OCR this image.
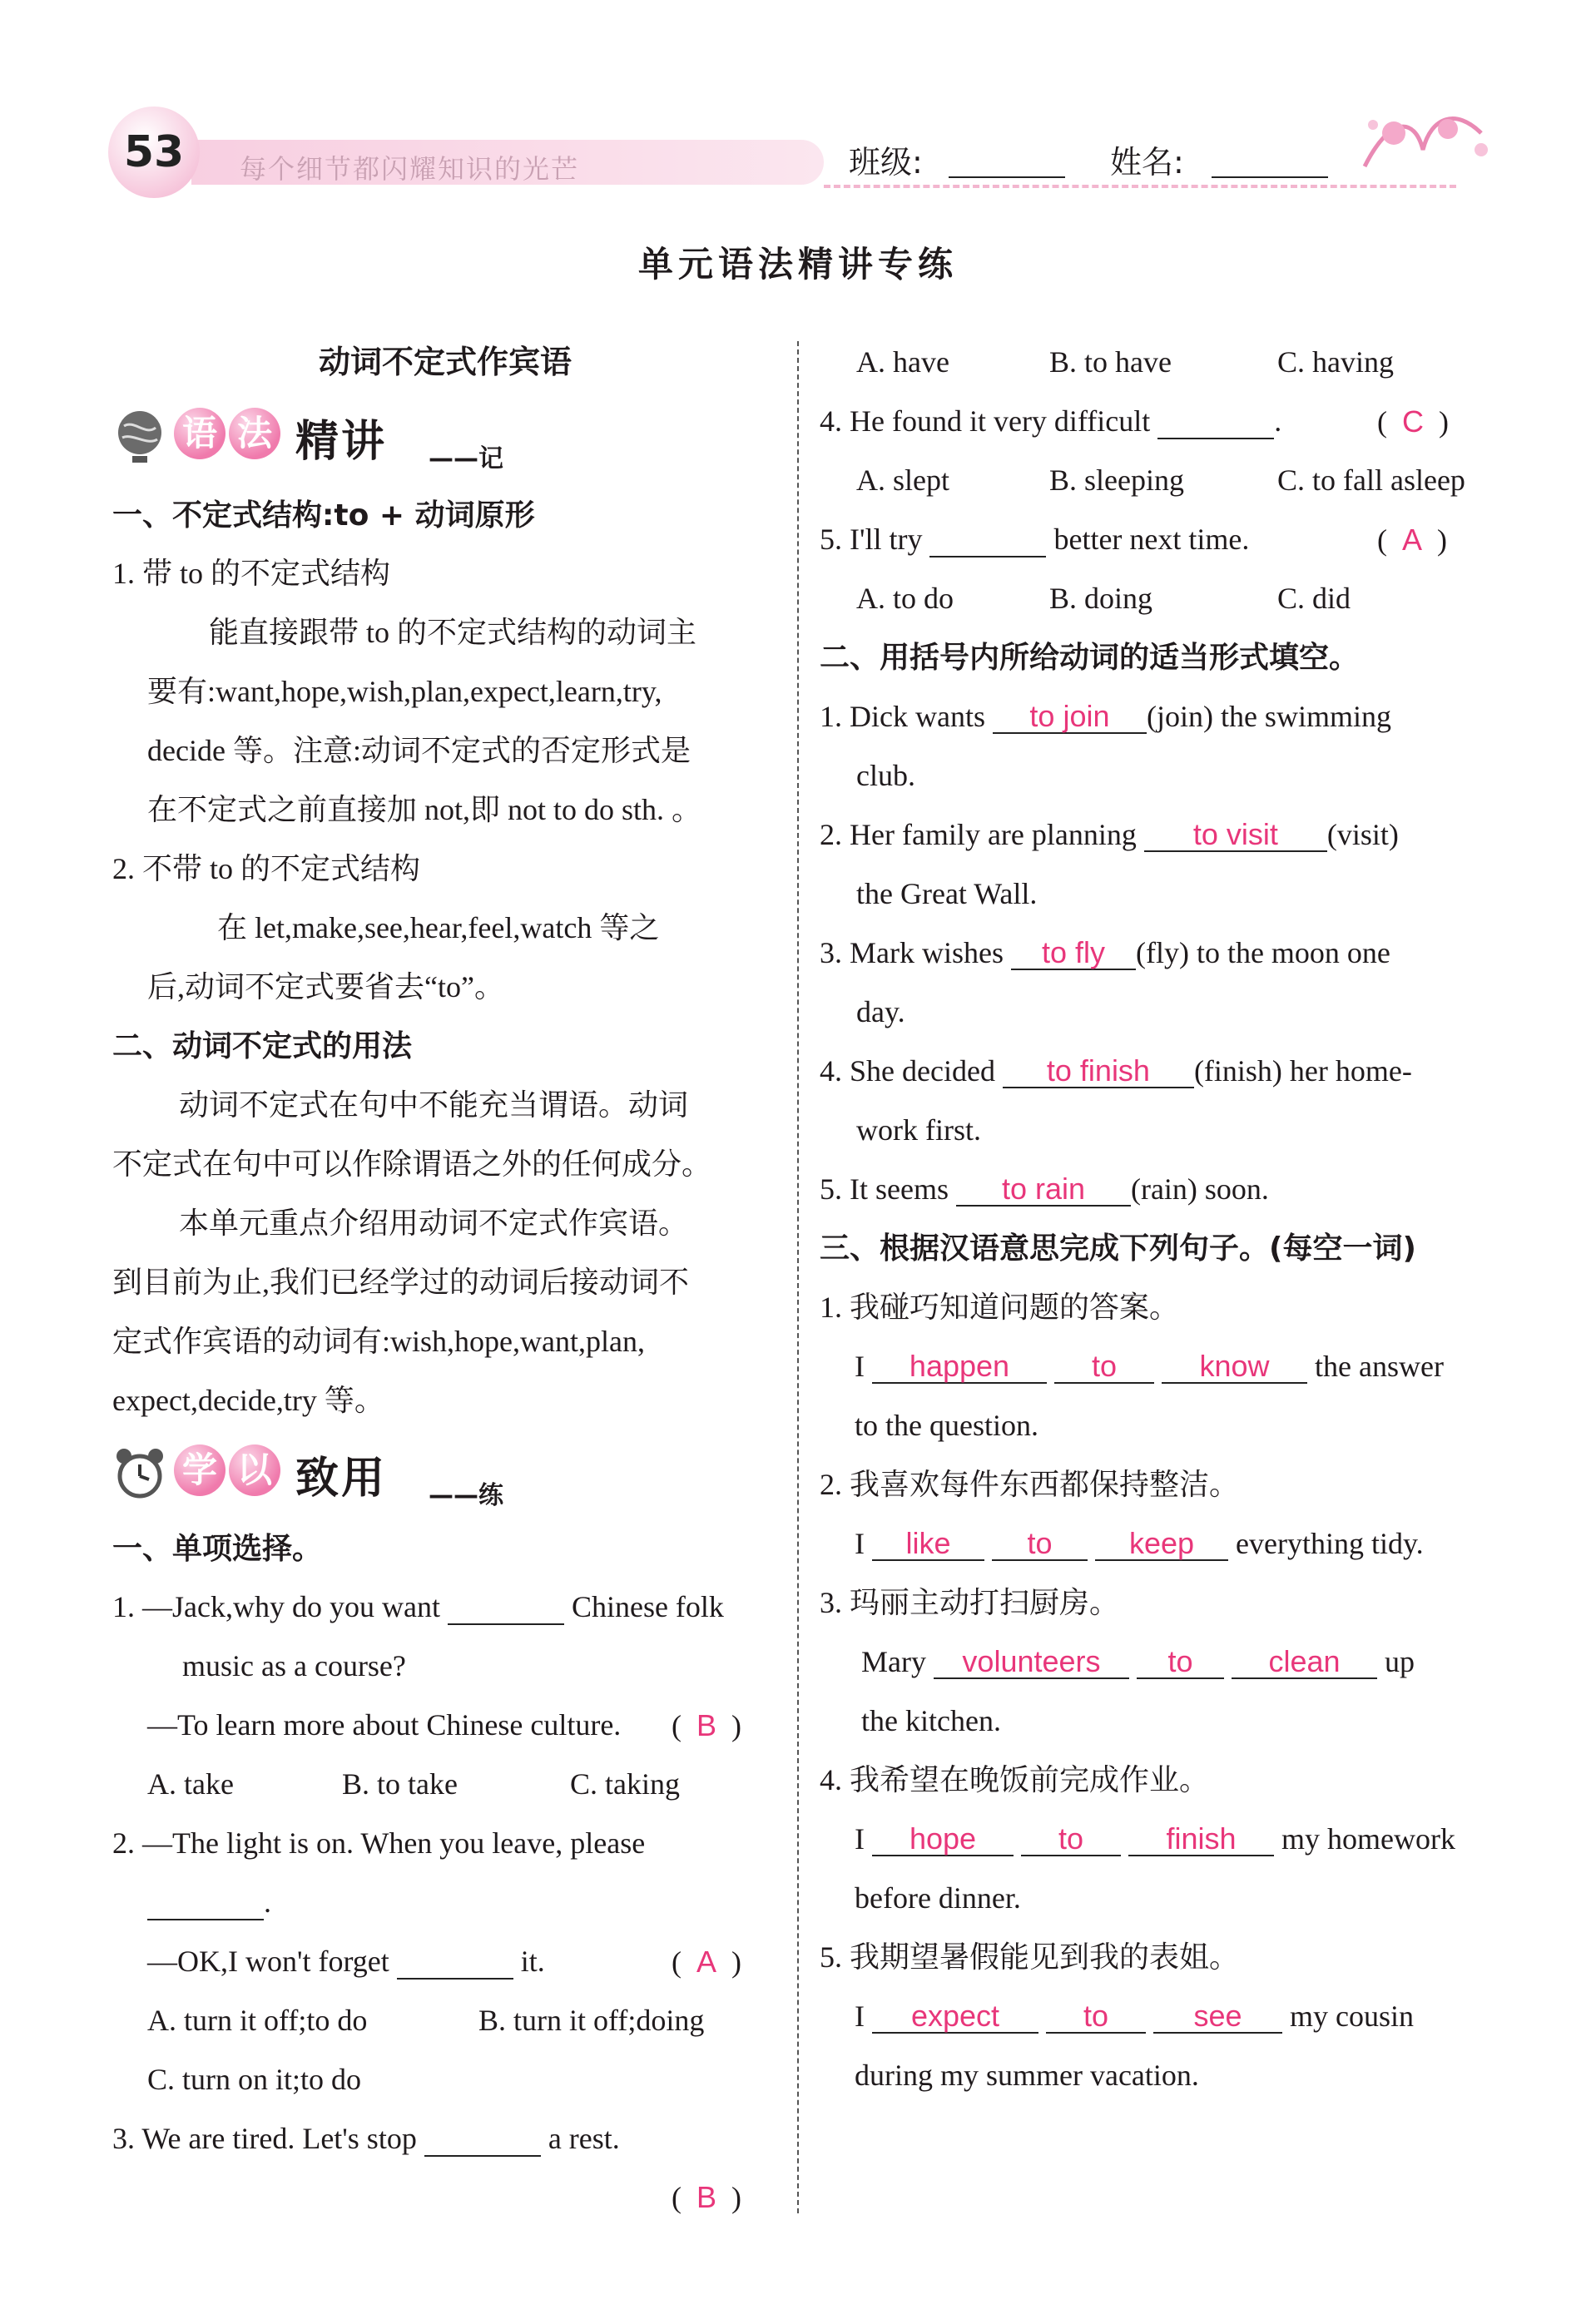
53	每个细节都闪耀知识的光芒	班级:	姓名:
单元语法精讲专练
动词不定式作宾语
语 法 精讲 ——记
一、不定式结构:to + 动词原形
1. 带 to 的不定式结构
能直接跟带 to 的不定式结构的动词主
要有:want,hope,wish,plan,expect,learn,try,
decide 等。注意:动词不定式的否定形式是
在不定式之前直接加 not,即 not to do sth. 。
2. 不带 to 的不定式结构
在 let,make,see,hear,feel,watch 等之
后,动词不定式要省去“to”。
二、动词不定式的用法
动词不定式在句中不能充当谓语。动词
不定式在句中可以作除谓语之外的任何成分。
本单元重点介绍用动词不定式作宾语。
到目前为止,我们已经学过的动词后接动词不
定式作宾语的动词有:wish,hope,want,plan,
expect,decide,try 等。
学 以 致用 ——练
一、单项选择。
1. —Jack,why do you want	Chinese folk
music as a course?
—To learn more about Chinese culture. (  B  )
A. take	B. to take	C. taking
2. —The light is on. When you leave, please
.
—OK,I won't forget	it.	(  A  )
A. turn it off;to do	B. turn it off;doing
C. turn on it;to do
3. We are tired. Let's stop	a rest.
(  B  )
A. have	B. to have	C. having
4. He found it very difficult	.	(  C  )
A. slept	B. sleeping	C. to fall asleep
5. I'll try	better next time.	(  A  )
A. to do	B. doing	C. did
二、用括号内所给动词的适当形式填空。
1. Dick wants to join (join) the swimming
club.
2. Her family are planning to visit (visit)
the Great Wall.
3. Mark wishes to fly (fly) to the moon one
day.
4. She decided to finish (finish) her home-
work first.
5. It seems to rain (rain) soon.
三、根据汉语意思完成下列句子。(每空一词)
1. 我碰巧知道问题的答案。
I happen	to	know the answer
to the question.
2. 我喜欢每件东西都保持整洁。
I like	to	keep everything tidy.
3. 玛丽主动打扫厨房。
Mary volunteers to	clean up
the kitchen.
4. 我希望在晚饭前完成作业。
I hope	to	finish my homework
before dinner.
5. 我期望暑假能见到我的表姐。
I expect	to	see my cousin
during my summer vacation.
